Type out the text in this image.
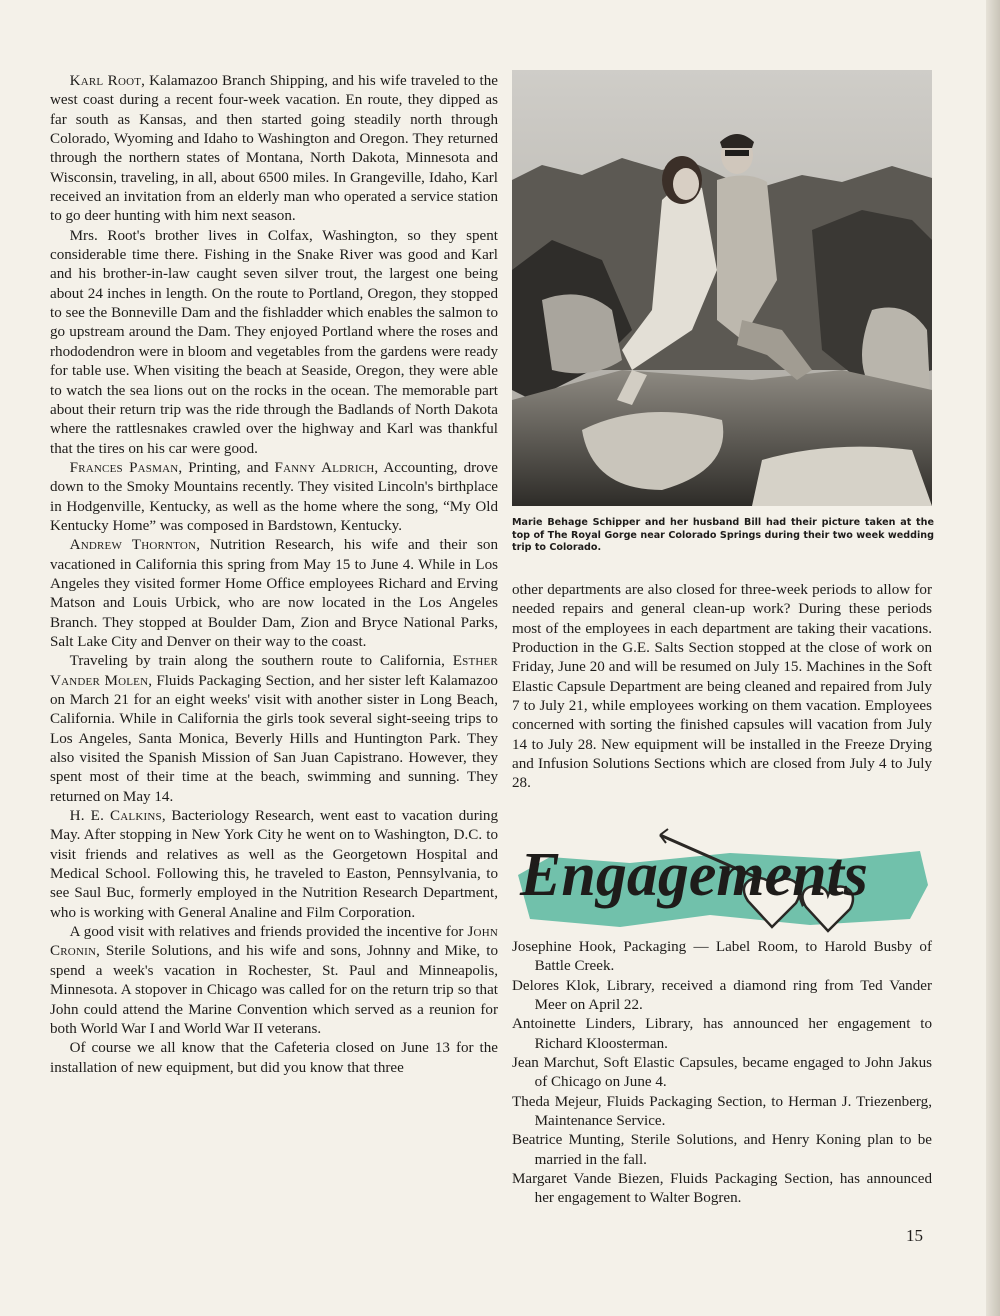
Karl Root, Kalamazoo Branch Shipping, and his wife traveled to the west coast during a recent four-week vacation. En route, they dipped as far south as Kansas, and then started going steadily north through Colorado, Wyoming and Idaho to Washington and Oregon. They returned through the northern states of Montana, North Dakota, Minnesota and Wisconsin, traveling, in all, about 6500 miles. In Grangeville, Idaho, Karl received an invitation from an elderly man who operated a service station to go deer hunting with him next season.

Mrs. Root's brother lives in Colfax, Washington, so they spent considerable time there. Fishing in the Snake River was good and Karl and his brother-in-law caught seven silver trout, the largest one being about 24 inches in length. On the route to Portland, Oregon, they stopped to see the Bonneville Dam and the fishladder which enables the salmon to go upstream around the Dam. They enjoyed Portland where the roses and rhododendron were in bloom and vegetables from the gardens were ready for table use. When visiting the beach at Seaside, Oregon, they were able to watch the sea lions out on the rocks in the ocean. The memorable part about their return trip was the ride through the Badlands of North Dakota where the rattlesnakes crawled over the highway and Karl was thankful that the tires on his car were good.

Frances Pasman, Printing, and Fanny Aldrich, Accounting, drove down to the Smoky Mountains recently. They visited Lincoln's birthplace in Hodgenville, Kentucky, as well as the home where the song, “My Old Kentucky Home” was composed in Bardstown, Kentucky.

Andrew Thornton, Nutrition Research, his wife and their son vacationed in California this spring from May 15 to June 4. While in Los Angeles they visited former Home Office employees Richard and Erving Matson and Louis Urbick, who are now located in the Los Angeles Branch. They stopped at Boulder Dam, Zion and Bryce National Parks, Salt Lake City and Denver on their way to the coast.

Traveling by train along the southern route to California, Esther Vander Molen, Fluids Packaging Section, and her sister left Kalamazoo on March 21 for an eight weeks' visit with another sister in Long Beach, California. While in California the girls took several sight-seeing trips to Los Angeles, Santa Monica, Beverly Hills and Huntington Park. They also visited the Spanish Mission of San Juan Capistrano. However, they spent most of their time at the beach, swimming and sunning. They returned on May 14.

H. E. Calkins, Bacteriology Research, went east to vacation during May. After stopping in New York City he went on to Washington, D.C. to visit friends and relatives as well as the Georgetown Hospital and Medical School. Following this, he traveled to Easton, Pennsylvania, to see Saul Buc, formerly employed in the Nutrition Research Department, who is working with General Analine and Film Corporation.

A good visit with relatives and friends provided the incentive for John Cronin, Sterile Solutions, and his wife and sons, Johnny and Mike, to spend a week's vacation in Rochester, St. Paul and Minneapolis, Minnesota. A stopover in Chicago was called for on the return trip so that John could attend the Marine Convention which served as a reunion for both World War I and World War II veterans.

Of course we all know that the Cafeteria closed on June 13 for the installation of new equipment, but did you know that three

Marie Behage Schipper and her husband Bill had their picture taken at the top of The Royal Gorge near Colorado Springs during their two week wedding trip to Colorado.

other departments are also closed for three-week periods to allow for needed repairs and general clean-up work? During these periods most of the employees in each department are taking their vacations. Production in the G.E. Salts Section stopped at the close of work on Friday, June 20 and will be resumed on July 15. Machines in the Soft Elastic Capsule Department are being cleaned and repaired from July 7 to July 21, while employees working on them vacation. Employees concerned with sorting the finished capsules will vacation from July 14 to July 28. New equipment will be installed in the Freeze Drying and Infusion Solutions Sections which are closed from July 4 to July 28.

Engagements

Josephine Hook, Packaging — Label Room, to Harold Busby of Battle Creek.

Delores Klok, Library, received a diamond ring from Ted Vander Meer on April 22.

Antoinette Linders, Library, has announced her engagement to Richard Kloosterman.

Jean Marchut, Soft Elastic Capsules, became engaged to John Jakus of Chicago on June 4.

Theda Mejeur, Fluids Packaging Section, to Herman J. Triezenberg, Maintenance Service.

Beatrice Munting, Sterile Solutions, and Henry Koning plan to be married in the fall.

Margaret Vande Biezen, Fluids Packaging Section, has announced her engagement to Walter Bogren.

15
